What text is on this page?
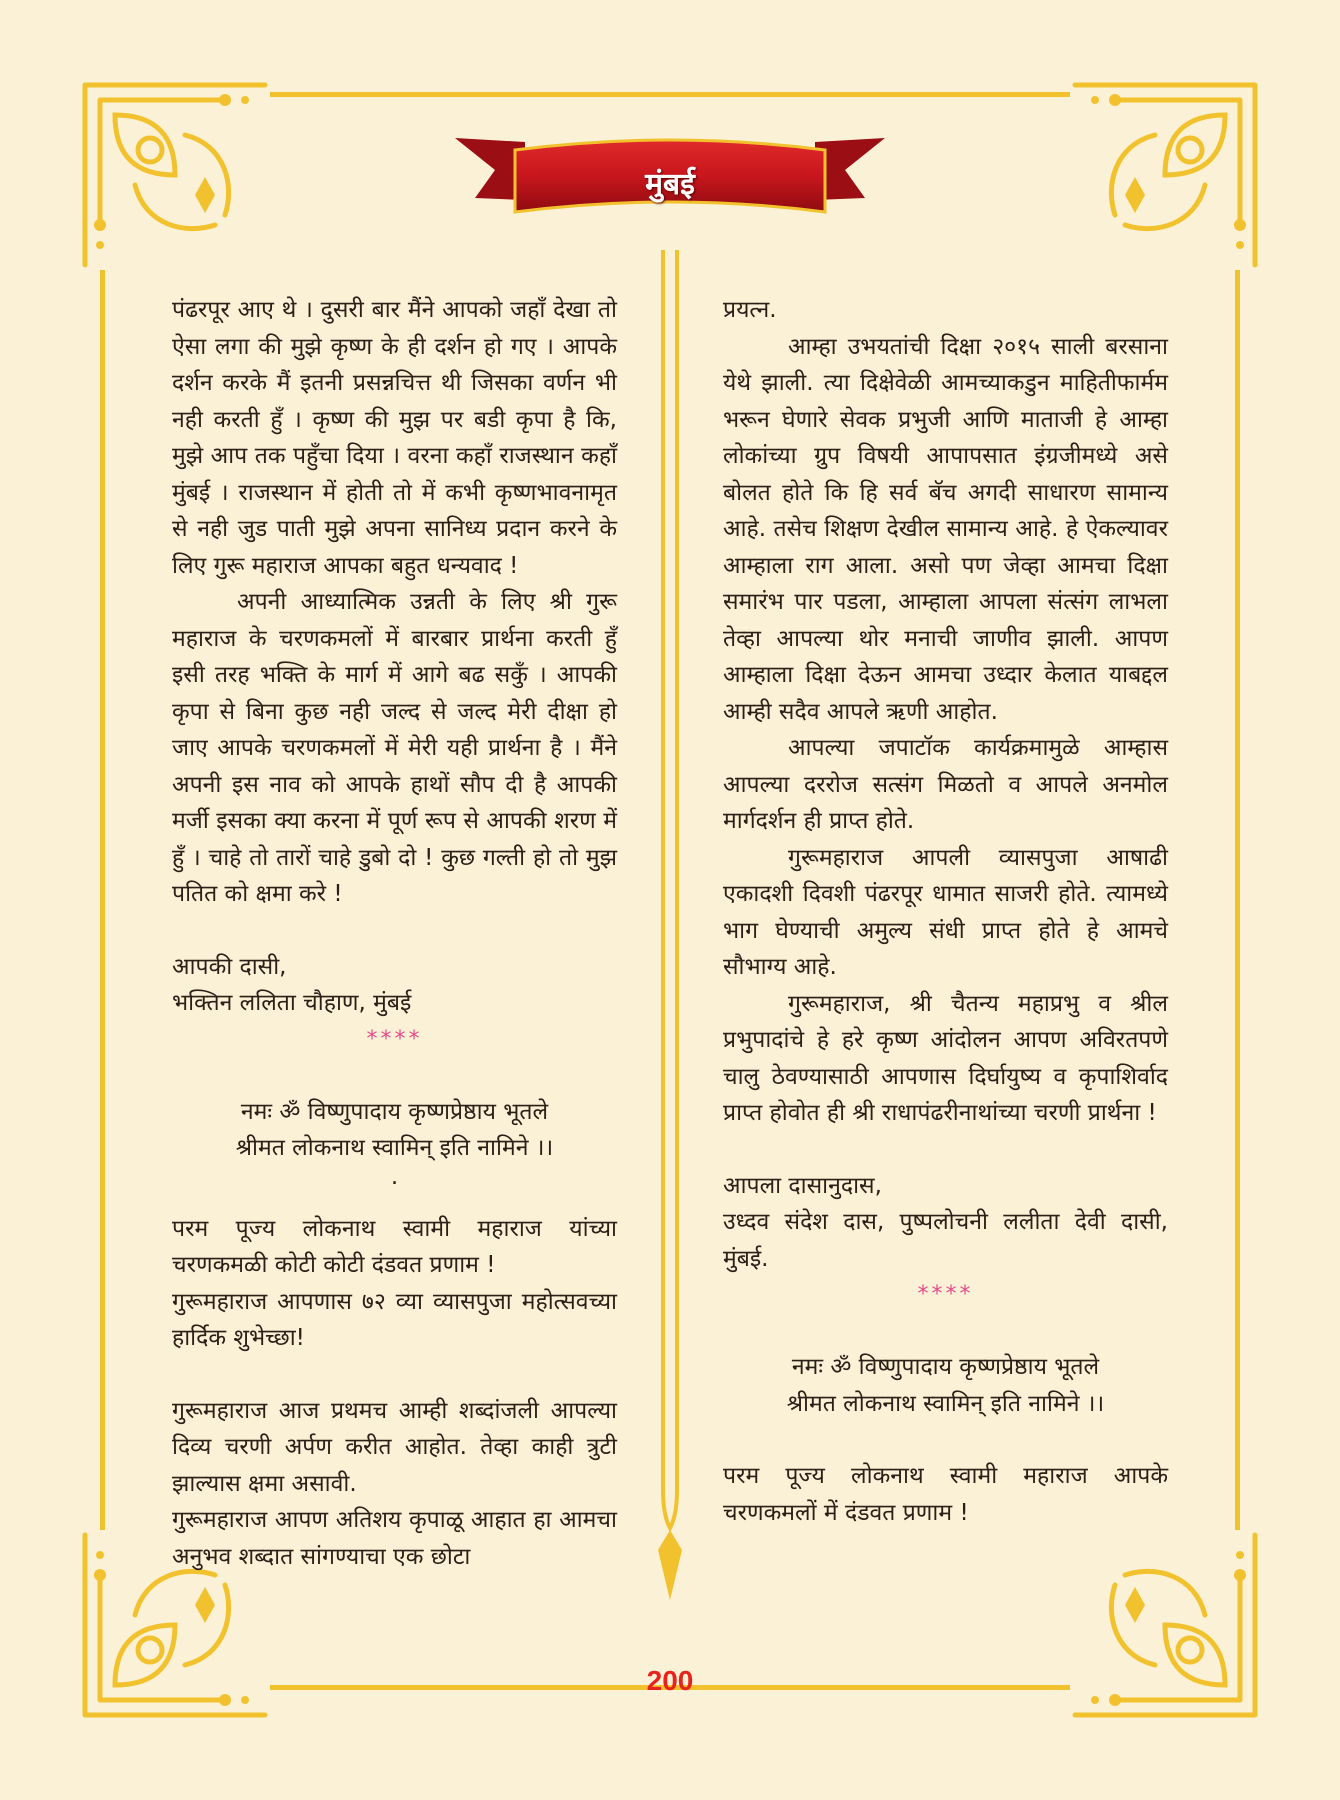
मुंबई

पंढरपूर आए थे । दुसरी बार मैंने आपको जहाँ देखा तो ऐसा लगा की मुझे कृष्ण के ही दर्शन हो गए । आपके दर्शन करके मैं इतनी प्रसन्नचित्त थी जिसका वर्णन भी नही करती हुँ । कृष्ण की मुझ पर बडी कृपा है कि, मुझे आप तक पहुँचा दिया । वरना कहाँ राजस्थान कहाँ मुंबई । राजस्थान में होती तो में कभी कृष्णभावनामृत से नही जुड पाती मुझे अपना सानिध्य प्रदान करने के लिए गुरू महाराज आपका बहुत धन्यवाद !

अपनी आध्यात्मिक उन्नती के लिए श्री गुरू महाराज के चरणकमलों में बारबार प्रार्थना करती हुँ इसी तरह भक्ति के मार्ग में आगे बढ सकुँ । आपकी कृपा से बिना कुछ नही जल्द से जल्द मेरी दीक्षा हो जाए आपके चरणकमलों में मेरी यही प्रार्थना है । मैंने अपनी इस नाव को आपके हाथों सौप दी है आपकी मर्जी इसका क्या करना में पूर्ण रूप से आपकी शरण में हुँ । चाहे तो तारों चाहे डुबो दो ! कुछ गल्ती हो तो मुझ पतित को क्षमा करे !

आपकी दासी,

भक्तिन ललिता चौहाण, मुंबई

****

नमः ॐ विष्णुपादाय कृष्णप्रेष्ठाय भूतले

श्रीमत लोकनाथ स्वामिन् इति नामिने ।।

.

परम पूज्य लोकनाथ स्वामी महाराज यांच्या चरणकमळी कोटी कोटी दंडवत प्रणाम !

गुरूमहाराज आपणास ७२ व्या व्यासपुजा महोत्सवच्या हार्दिक शुभेच्छा!

गुरूमहाराज आज प्रथमच आम्ही शब्दांजली आपल्या दिव्य चरणी अर्पण करीत आहोत. तेव्हा काही त्रुटी झाल्यास क्षमा असावी.

गुरूमहाराज आपण अतिशय कृपाळू आहात हा आमचा अनुभव शब्दात सांगण्याचा एक छोटा

प्रयत्न.

आम्हा उभयतांची दिक्षा २०१५ साली बरसाना येथे झाली. त्या दिक्षेवेळी आमच्याकडुन माहितीफार्मम भरून घेणारे सेवक प्रभुजी आणि माताजी हे आम्हा लोकांच्या ग्रुप विषयी आपापसात इंग्रजीमध्ये असे बोलत होते कि हि सर्व बॅच अगदी साधारण सामान्य आहे. तसेच शिक्षण देखील सामान्य आहे. हे ऐकल्यावर आम्हाला राग आला. असो पण जेव्हा आमचा दिक्षा समारंभ पार पडला, आम्हाला आपला संत्संग लाभला तेव्हा आपल्या थोर मनाची जाणीव झाली. आपण आम्हाला दिक्षा देऊन आमचा उध्दार केलात याबद्दल आम्ही सदैव आपले ऋणी आहोत.

आपल्या जपाटॉक कार्यक्रमामुळे आम्हास आपल्या दररोज सत्संग मिळतो व आपले अनमोल मार्गदर्शन ही प्राप्त होते.

गुरूमहाराज आपली व्यासपुजा आषाढी एकादशी दिवशी पंढरपूर धामात साजरी होते. त्यामध्ये भाग घेण्याची अमुल्य संधी प्राप्त होते हे आमचे सौभाग्य आहे.

गुरूमहाराज, श्री चैतन्य महाप्रभु व श्रील प्रभुपादांचे हे हरे कृष्ण आंदोलन आपण अविरतपणे चालु ठेवण्यासाठी आपणास दिर्घायुष्य व कृपाशिर्वाद प्राप्त होवोत ही श्री राधापंढरीनाथांच्या चरणी प्रार्थना !

आपला दासानुदास,

उध्दव संदेश दास, पुष्पलोचनी ललीता देवी दासी, मुंबई.

****

नमः ॐ विष्णुपादाय कृष्णप्रेष्ठाय भूतले

श्रीमत लोकनाथ स्वामिन् इति नामिने ।।

परम पूज्य लोकनाथ स्वामी महाराज आपके चरणकमलों में दंडवत प्रणाम !

200
